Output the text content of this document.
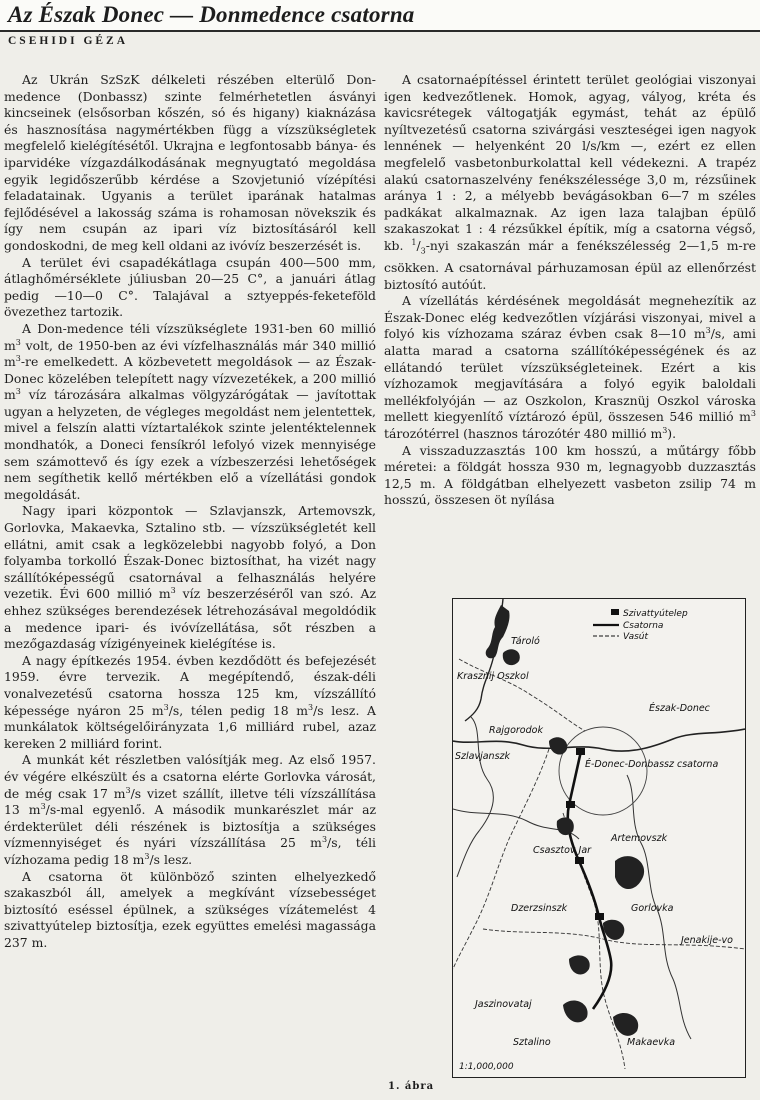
Az Észak Donec — Donmedence csatorna
CSEHIDI GÉZA

Az Ukrán SzSzK délkeleti részében elterülő Don-medence (Donbassz) szinte felmérhetetlen ásványi kincseinek (elsősorban kőszén, só és higany) kiaknázása és hasznosítása nagymértékben függ a vízszükségletek megfelelő kielégítésétől. Ukrajna e legfontosabb bánya- és iparvidéke vízgazdálkodásának megnyugtató megoldása egyik legidőszerűbb kérdése a Szovjetunió vízépítési feladatainak. Ugyanis a terület iparának hatalmas fejlődésével a lakosság száma is rohamosan növekszik és így nem csupán az ipari víz biztosításáról kell gondoskodni, de meg kell oldani az ivóvíz beszerzését is.

A terület évi csapadékátlaga csupán 400—500 mm, átlaghőmérséklete júliusban 20—25 C°, a januári átlag pedig —10—0 C°. Talajával a sztyeppés-feketeföld övezethez tartozik.

A Don-medence téli vízszükséglete 1931-ben 60 millió $m^3$ volt, de 1950-ben az évi vízfelhasználás már 340 millió $m^3-re$ emelkedett. A közbevetett megoldások — az Észak-Donec közelében telepített nagy vízvezetékek, a 200 millió $m^3$ víz tározására alkalmas völgyzárógátak — javítottak ugyan a helyzeten, de végleges megoldást nem jelentettek, mivel a felszín alatti víztartalékok szinte jelentéktelennek mondhatók, a Doneci fensíkról lefolyó vizek mennyisége sem számottevő és így ezek a vízbeszerzési lehetőségek nem segíthetik kellő mértékben elő a vízellátási gondok megoldását.

Nagy ipari központok — Szlavjanszk, Artemovszk, Gorlovka, Makaevka, Sztalino stb. — vízszükségletét kell ellátni, amit csak a legközelebbi nagyobb folyó, a Don folyamba torkolló Észak-Donec biztosíthat, ha vizét nagy szállítóképességű csatornával a felhasználás helyére vezetik. Évi 600 millió $m^3$ víz beszerzéséről van szó. Az ehhez szükséges berendezések létrehozásával megoldódik a medence ipari- és ivóvízellátása, sőt részben a mezőgazdaság vízigényeinek kielégítése is.

A nagy építkezés 1954. évben kezdődött és befejezését 1959. évre tervezik. A megépítendő, észak-déli vonalvezetésű csatorna hossza 125 km, vízszállító képessége nyáron 25 $m^3/s$, télen pedig 18 $m^3/s$ lesz. A munkálatok költségelőirányzata 1,6 milliárd rubel, azaz kereken 2 milliárd forint.

A munkát két részletben valósítják meg. Az első 1957. év végére elkészült és a csatorna elérte Gorlovka városát, de még csak 17 $m^3/s$ vizet szállít, illetve téli vízszállítása 13 $m^3/s$-mal egyenlő. A második munkarészlet már az érdekterület déli részének is biztosítja a szükséges vízmennyiséget és nyári vízszállítása 25 $m^3/s$, téli vízhozama pedig 18 $m^3/s$ lesz.

A csatorna öt különböző szinten elhelyezkedő szakaszból áll, amelyek a megkívánt vízsebességet biztosító eséssel épülnek, a szükséges vízátemelést 4 szivattyútelep biztosítja, ezek együttes emelési magassága 237 m.

A csatornaépítéssel érintett terület geológiai viszonyai igen kedvezőtlenek. Homok, agyag, vályog, kréta és kavicsrétegek váltogatják egymást, tehát az épülő nyíltvezetésű csatorna szivárgási veszteségei igen nagyok lennének — helyenként 20 l/s/km —, ezért ez ellen megfelelő vasbetonburkolattal kell védekezni. A trapéz alakú csatornaszelvény fenékszélessége 3,0 m, rézsűinek aránya 1 : 2, a mélyebb bevágásokban 6—7 m széles padkákat alkalmaznak. Az igen laza talajban épülő szakaszokat 1 : 4 rézsűkkel építik, míg a csatorna végső, kb. $^1/_3$-nyi szakaszán már a fenékszélesség 2—1,5 m-re csökken. A csatornával párhuzamosan épül az ellenőrzést biztosító autóút.

A vízellátás kérdésének megoldását megnehezítik az Észak-Donec elég kedvezőtlen vízjárási viszonyai, mivel a folyó kis vízhozama száraz évben csak 8—10 $m^3/s$, ami alatta marad a csatorna szállítóképességének és az ellátandó terület vízszükségleteinek. Ezért a kis vízhozamok megjavítására a folyó egyik baloldali mellékfolyóján — az Oszkolon, Krasznüj Oszkol városka mellett kiegyenlítő víztározó épül, összesen 546 millió $m^3$ tározótérrel (hasznos tározótér 480 millió $m^3$).

A visszaduzzasztás 100 km hosszú, a műtárgy főbb méretei: a földgát hossza 930 m, legnagyobb duzzasztás 12,5 m. A földgátban elhelyezett vasbeton zsilip 74 m hosszú, összesen öt nyílása

Szivattyútelep
Csatorna
Vasút
Tároló
Krasznij Oszkol
Észak-Donec
Rajgorodok
Szlavjanszk
É-Donec-Donbassz csatorna
Artemovszk
Csasztov Jar
Dzerzsinszk	Gorlovka
Jenakije-vo
Jaszinovataj
Sztalino	Makaevka
1:1,000,000
1. ábra
